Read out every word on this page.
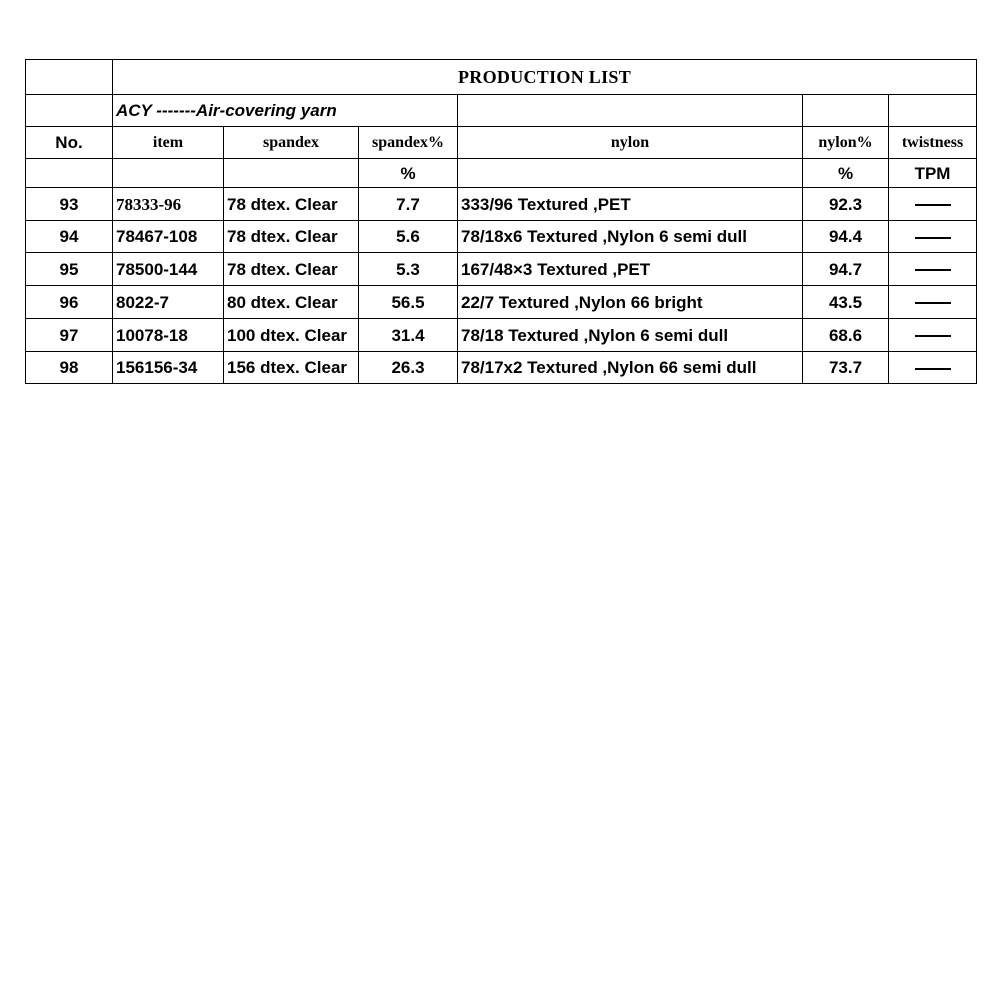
	PRODUCTION LIST					
	ACY -------Air-covering yarn					
No.	item	spandex	spandex%	nylon	nylon%	twistness
			%		%	TPM
93	78333-96	78 dtex. Clear	7.7	333/96 Textured ,PET	92.3	
94	78467-108	78 dtex. Clear	5.6	78/18x6 Textured ,Nylon 6 semi dull	94.4	
95	78500-144	78 dtex. Clear	5.3	167/48×3 Textured ,PET	94.7	
96	8022-7	80 dtex. Clear	56.5	22/7 Textured ,Nylon 66 bright	43.5	
97	10078-18	100 dtex. Clear	31.4	78/18 Textured ,Nylon 6 semi dull	68.6	
98	156156-34	156 dtex. Clear	26.3	78/17x2 Textured ,Nylon 66 semi dull	73.7	
